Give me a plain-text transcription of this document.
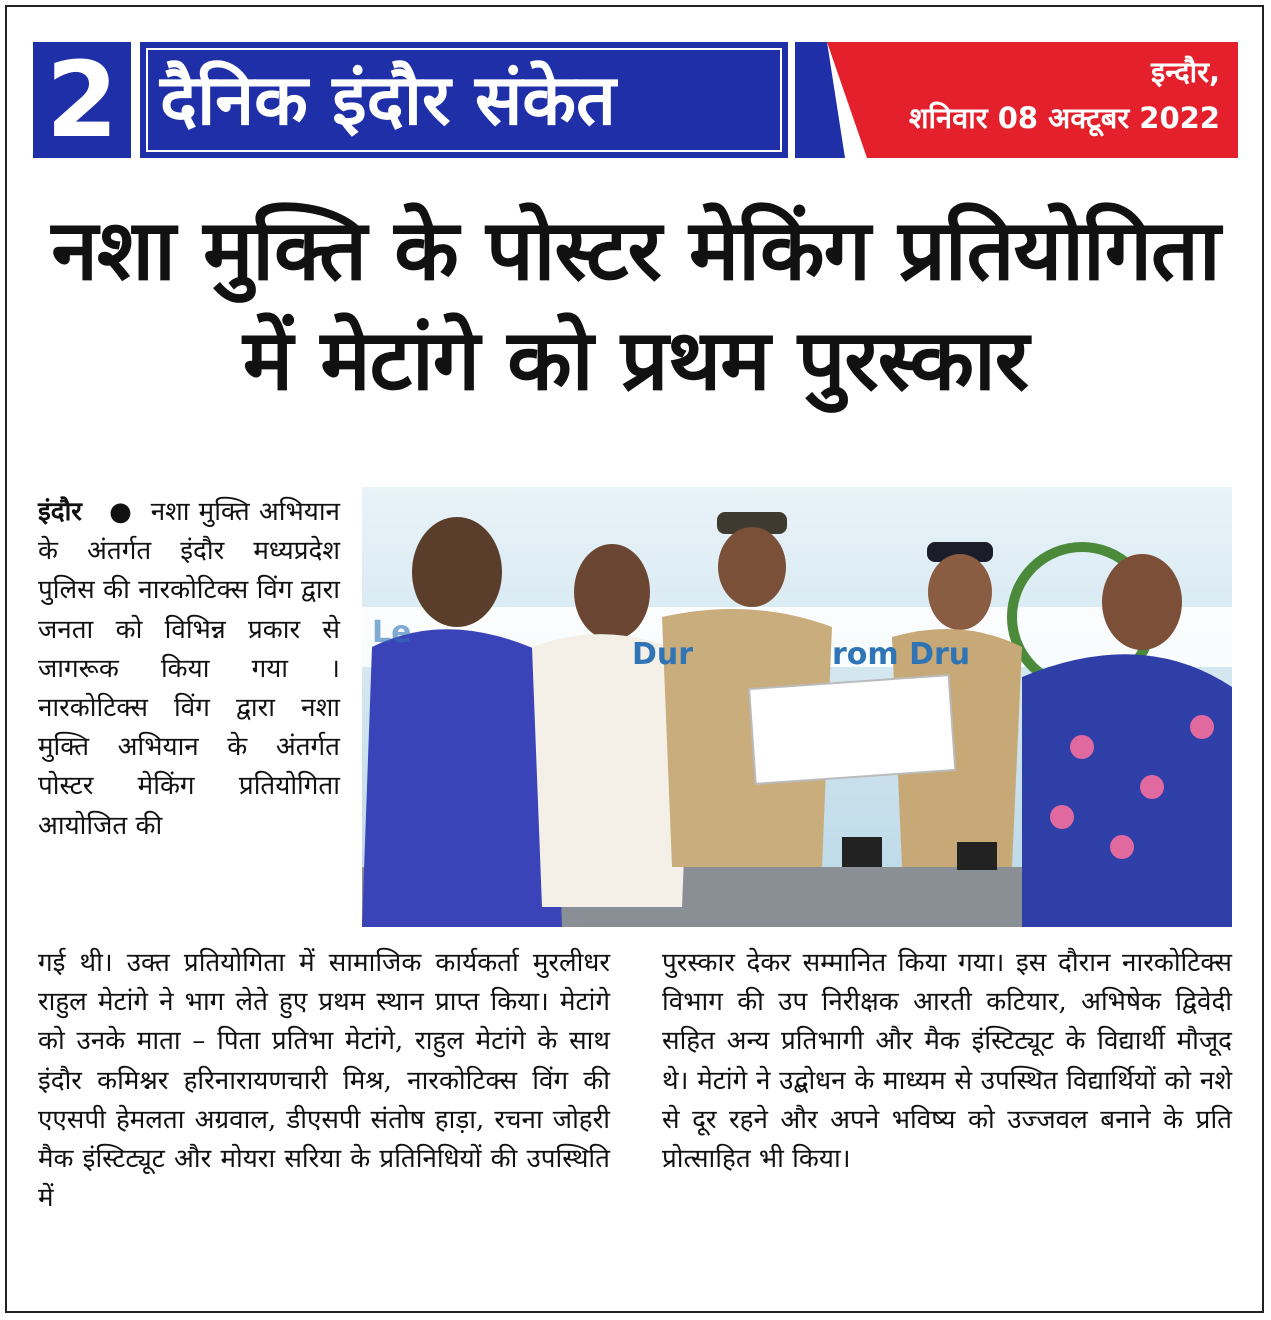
2 दैनिक इंदौर संकेत	इन्दौर,
शनिवार 08 अक्टूबर 2022
नशा मुक्ति के पोस्टर मेकिंग प्रतियोगिता
में मेटांगे को प्रथम पुरस्कार
इंदौर ● नशा मुक्ति अभियान के अंतर्गत इंदौर मध्यप्रदेश पुलिस की नारकोटिक्स विंग द्वारा जनता को विभिन्न प्रकार से जागरूक किया गया । नारकोटिक्स विंग द्वारा नशा मुक्ति अभियान के अंतर्गत पोस्टर मेकिंग प्रतियोगिता आयोजित की
Le
Dur	rom Dru
गई थी। उक्त प्रतियोगिता में सामाजिक कार्यकर्ता मुरलीधर राहुल मेटांगे ने भाग लेते हुए प्रथम स्थान प्राप्त किया। मेटांगे को उनके माता – पिता प्रतिभा मेटांगे, राहुल मेटांगे के साथ इंदौर कमिश्नर हरिनारायणचारी मिश्र, नारकोटिक्स विंग की एएसपी हेमलता अग्रवाल, डीएसपी संतोष हाड़ा, रचना जोहरी मैक इंस्टिट्यूट और मोयरा सरिया के प्रतिनिधियों की उपस्थिति में
पुरस्कार देकर सम्मानित किया गया। इस दौरान नारकोटिक्स विभाग की उप निरीक्षक आरती कटियार, अभिषेक द्विवेदी सहित अन्य प्रतिभागी और मैक इंस्टिट्यूट के विद्यार्थी मौजूद थे। मेटांगे ने उद्बोधन के माध्यम से उपस्थित विद्यार्थियों को नशे से दूर रहने और अपने भविष्य को उज्जवल बनाने के प्रति प्रोत्साहित भी किया।
